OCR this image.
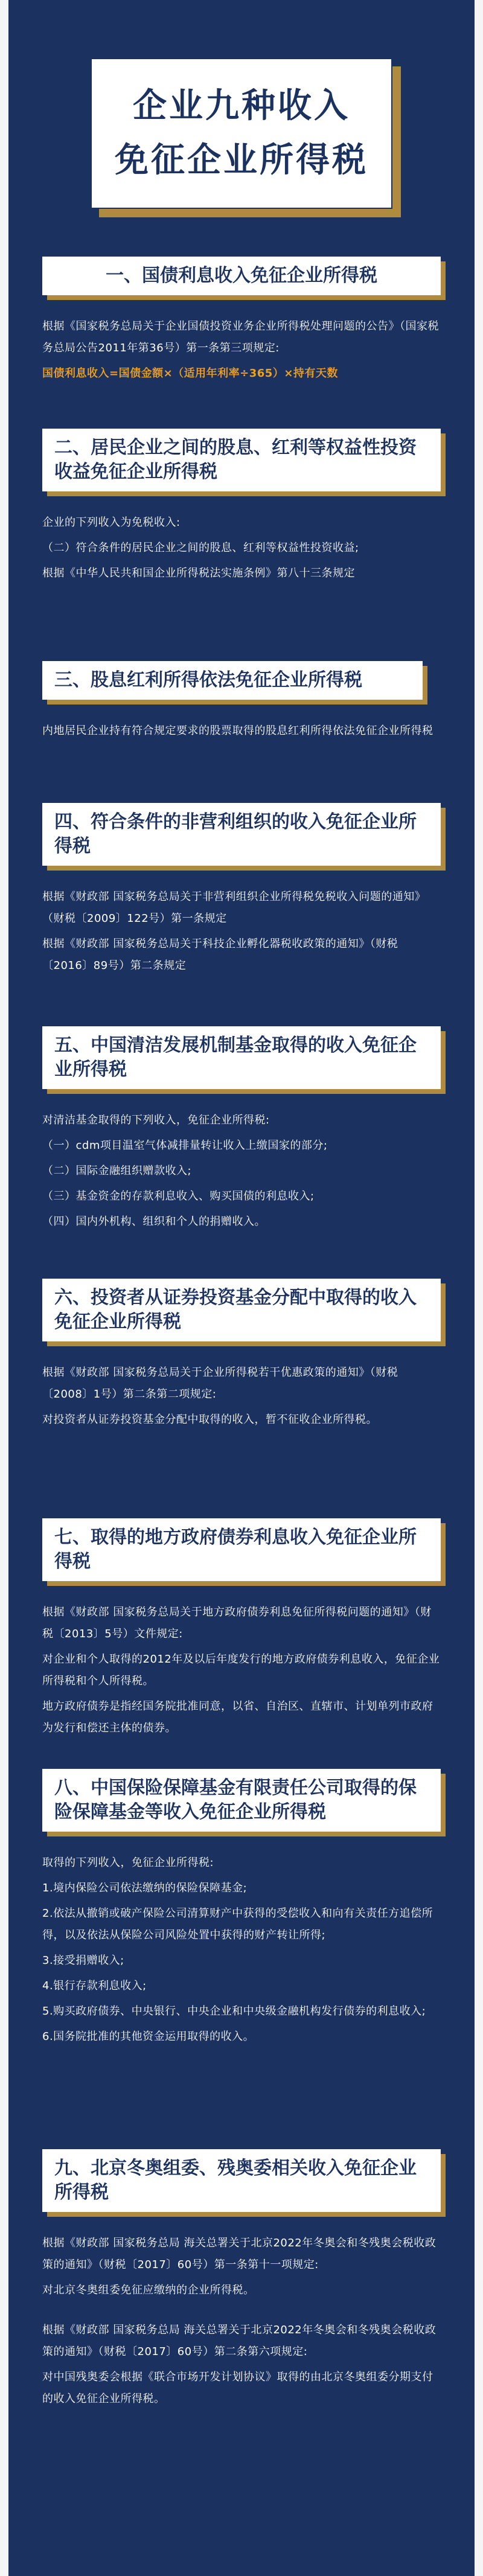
企业九种收入

免征企业所得税

一、国债利息收入免征企业所得税

根据《国家税务总局关于企业国债投资业务企业所得税处理问题的公告》（国家税务总局公告2011年第36号）第一条第三项规定:

国债利息收入=国债金额×（适用年利率÷365）×持有天数

二、居民企业之间的股息、红利等权益性投资收益免征企业所得税

企业的下列收入为免税收入:

（二）符合条件的居民企业之间的股息、红利等权益性投资收益;

根据《中华人民共和国企业所得税法实施条例》第八十三条规定

三、股息红利所得依法免征企业所得税

内地居民企业持有符合规定要求的股票取得的股息红利所得依法免征企业所得税

四、符合条件的非营利组织的收入免征企业所得税

根据《财政部 国家税务总局关于非营利组织企业所得税免税收入问题的通知》（财税〔2009〕122号）第一条规定

根据《财政部 国家税务总局关于科技企业孵化器税收政策的通知》（财税〔2016〕89号）第二条规定

五、中国清洁发展机制基金取得的收入免征企业所得税

对清洁基金取得的下列收入，免征企业所得税:

（一）cdm项目温室气体减排量转让收入上缴国家的部分;

（二）国际金融组织赠款收入;

（三）基金资金的存款利息收入、购买国债的利息收入;

（四）国内外机构、组织和个人的捐赠收入。

六、投资者从证券投资基金分配中取得的收入免征企业所得税

根据《财政部 国家税务总局关于企业所得税若干优惠政策的通知》（财税〔2008〕1号）第二条第二项规定:

对投资者从证券投资基金分配中取得的收入，暂不征收企业所得税。

七、取得的地方政府债券利息收入免征企业所得税

根据《财政部 国家税务总局关于地方政府债券利息免征所得税问题的通知》（财税〔2013〕5号）文件规定:

对企业和个人取得的2012年及以后年度发行的地方政府债券利息收入，免征企业所得税和个人所得税。

地方政府债券是指经国务院批准同意，以省、自治区、直辖市、计划单列市政府为发行和偿还主体的债券。

八、中国保险保障基金有限责任公司取得的保险保障基金等收入免征企业所得税

取得的下列收入，免征企业所得税:

1.境内保险公司依法缴纳的保险保障基金;

2.依法从撤销或破产保险公司清算财产中获得的受偿收入和向有关责任方追偿所得，以及依法从保险公司风险处置中获得的财产转让所得;

3.接受捐赠收入;

4.银行存款利息收入;

5.购买政府债券、中央银行、中央企业和中央级金融机构发行债券的利息收入;

6.国务院批准的其他资金运用取得的收入。

九、北京冬奥组委、残奥委相关收入免征企业所得税

根据《财政部 国家税务总局 海关总署关于北京2022年冬奥会和冬残奥会税收政策的通知》（财税〔2017〕60号）第一条第十一项规定:

对北京冬奥组委免征应缴纳的企业所得税。

根据《财政部 国家税务总局 海关总署关于北京2022年冬奥会和冬残奥会税收政策的通知》（财税〔2017〕60号）第二条第六项规定:

对中国残奥委会根据《联合市场开发计划协议》取得的由北京冬奥组委分期支付的收入免征企业所得税。
